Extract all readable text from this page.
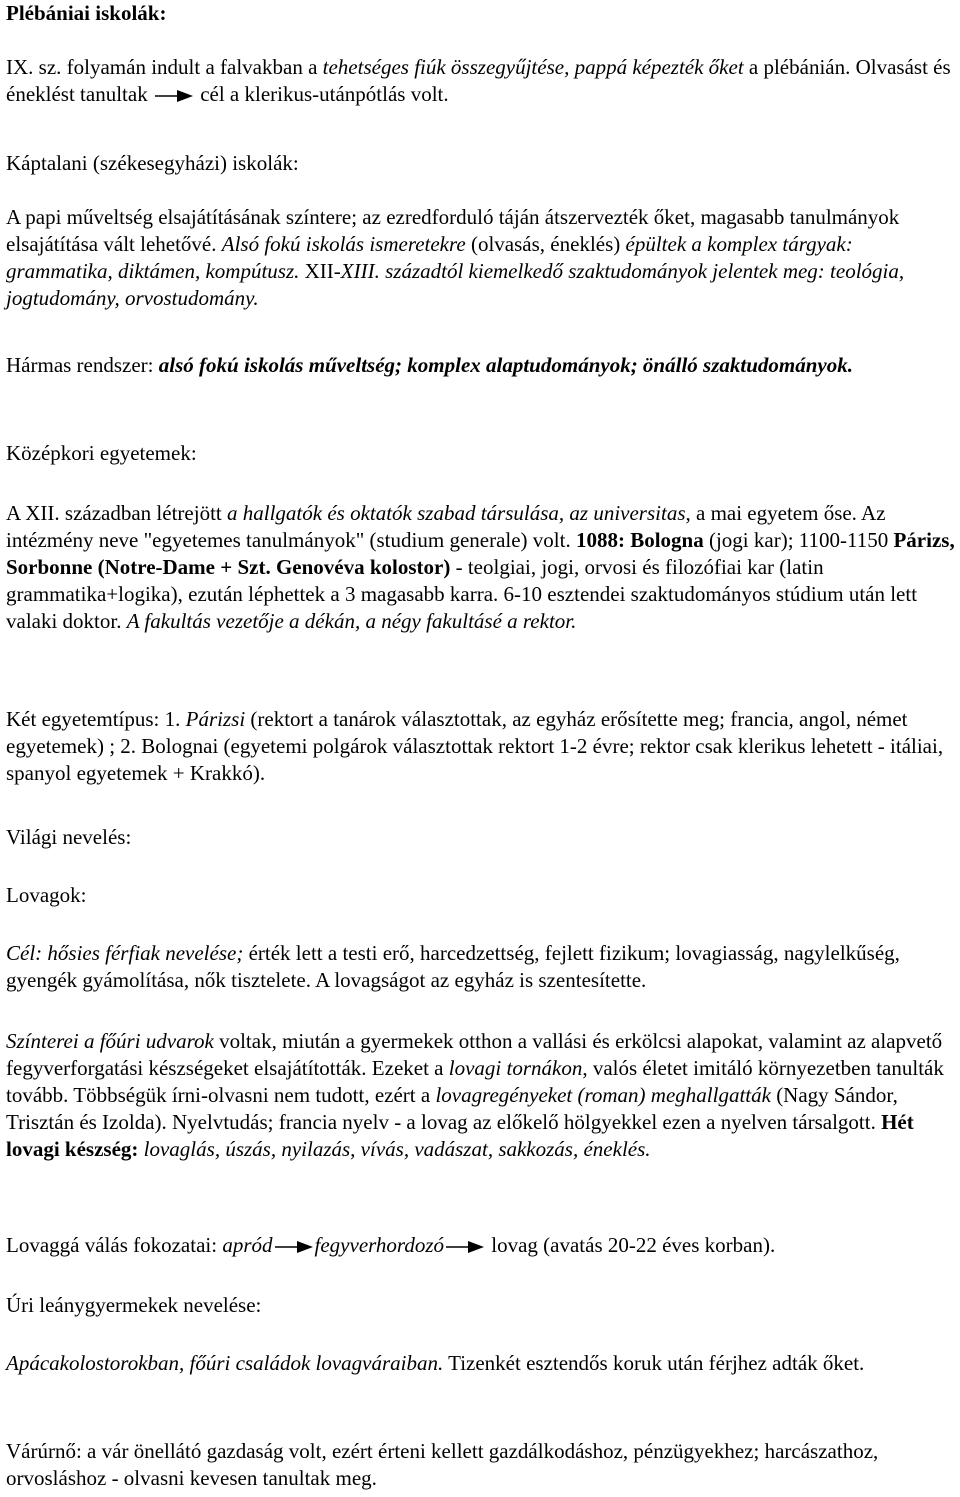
Plébániai iskolák:

IX. sz. folyamán indult a falvakban a tehetséges fiúk összegyűjtése, pappá képezték őket a plébánián. Olvasást és éneklést tanultak
cél a klerikus-utánpótlás volt.

Káptalani (székesegyházi) iskolák:

A papi műveltség elsajátításának színtere; az ezredforduló táján átszervezték őket, magasabb tanulmányok elsajátítása vált lehetővé. Alsó fokú iskolás ismeretekre (olvasás, éneklés) épültek a komplex tárgyak: grammatika, diktámen, kompútusz. XII-XIII. századtól kiemelkedő szaktudományok jelentek meg: teológia, jogtudomány, orvostudomány.

Hármas rendszer: alsó fokú iskolás műveltség; komplex alaptudományok; önálló szaktudományok.

Középkori egyetemek:

A XII. században létrejött a hallgatók és oktatók szabad társulása, az universitas, a mai egyetem őse. Az intézmény neve "egyetemes tanulmányok" (studium generale) volt. 1088: Bologna (jogi kar); 1100-1150 Párizs, Sorbonne (Notre-Dame + Szt. Genovéva kolostor) - teolgiai, jogi, orvosi és filozófiai kar (latin grammatika+logika), ezután léphettek a 3 magasabb karra. 6-10 esztendei szaktudományos stúdium után lett valaki doktor. A fakultás vezetője a dékán, a négy fakultásé a rektor.

Két egyetemtípus: 1. Párizsi (rektort a tanárok választottak, az egyház erősítette meg; francia, angol, német egyetemek) ; 2. Bolognai (egyetemi polgárok választottak rektort 1-2 évre; rektor csak klerikus lehetett - itáliai, spanyol egyetemek + Krakkó).

Világi nevelés:

Lovagok:

Cél: hősies férfiak nevelése; érték lett a testi erő, harcedzettség, fejlett fizikum; lovagiasság, nagylelkűség, gyengék gyámolítása, nők tisztelete. A lovagságot az egyház is szentesítette.

Színterei a főúri udvarok voltak, miután a gyermekek otthon a vallási és erkölcsi alapokat, valamint az alapvető fegyverforgatási készségeket elsajátították. Ezeket a lovagi tornákon, valós életet imitáló környezetben tanulták tovább. Többségük írni-olvasni nem tudott, ezért a lovagregényeket (roman) meghallgatták (Nagy Sándor, Trisztán és Izolda). Nyelvtudás; francia nyelv - a lovag az előkelő hölgyekkel ezen a nyelven társalgott. Hét lovagi készség: lovaglás, úszás, nyilazás, vívás, vadászat, sakkozás, éneklés.

Lovaggá válás fokozatai: apród fegyverhordozó
lovag (avatás 20-22 éves korban).

Úri leánygyermekek nevelése:

Apácakolostorokban, főúri családok lovagváraiban. Tizenkét esztendős koruk után férjhez adták őket.

Várúrnő: a vár önellátó gazdaság volt, ezért érteni kellett gazdálkodáshoz, pénzügyekhez; harcászathoz, orvosláshoz - olvasni kevesen tanultak meg.
